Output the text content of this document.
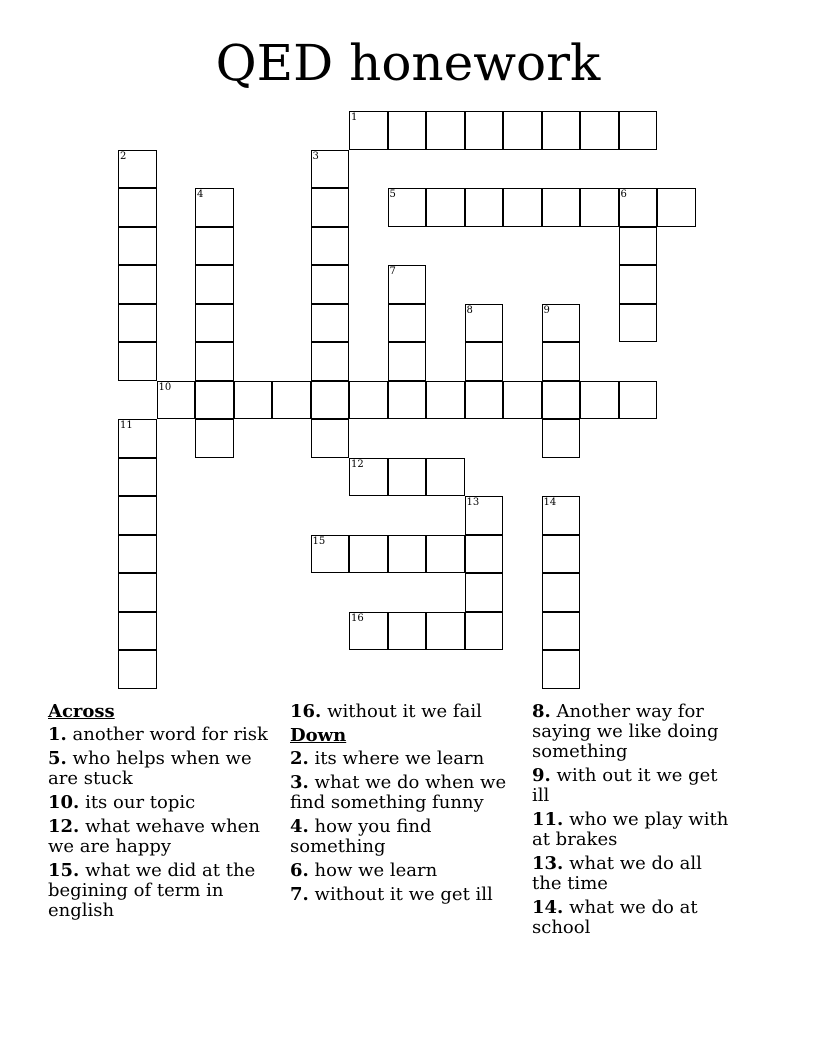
QED honework
1
2	3
4	5	6
7
8	9
10
11
12
13	14
15
16
Across
1. another word for risk
5. who helps when we are stuck
10. its our topic
12. what wehave when we are happy
15. what we did at the begining of term in english
16. without it we fail
Down
2. its where we learn
3. what we do when we find something funny
4. how you find something
6. how we learn
7. without it we get ill
8. Another way for saying we like doing something
9. with out it we get ill
11. who we play with at brakes
13. what we do all the time
14. what we do at school
